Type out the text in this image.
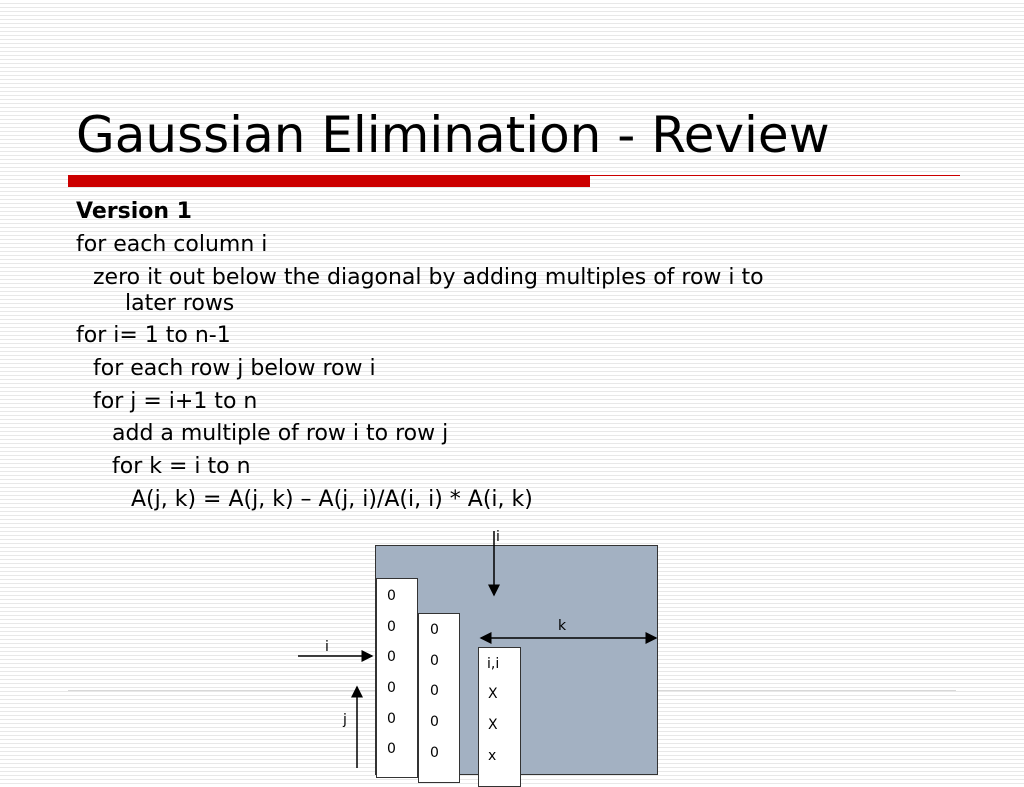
Gaussian Elimination - Review
Version 1
for each column i
zero it out below the diagonal by adding multiples of row i to
later rows
for i= 1 to n-1
for each row j below row i
for j = i+1 to n
add a multiple of row i to row j
for k = i to n
A(j, k) = A(j, k) – A(j, i)/A(i, i) * A(i, k)
0
0
0
0
0
0
0
0
0
0
0
i,i
X
X
x
i
i
j
k
